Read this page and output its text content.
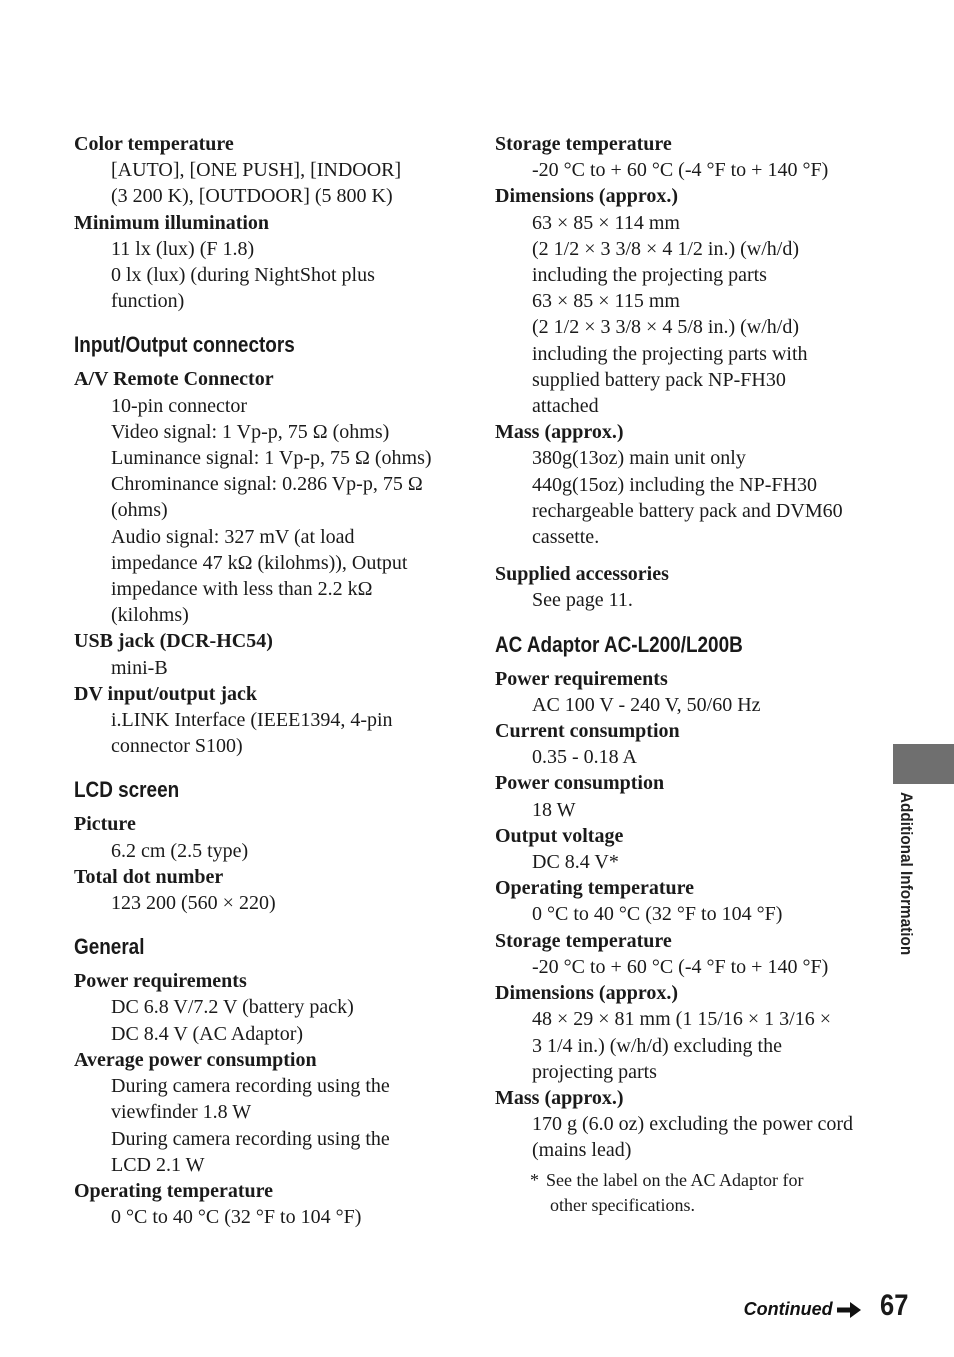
Color temperature
[AUTO], [ONE PUSH], [INDOOR]
(3 200 K), [OUTDOOR] (5 800 K)
Minimum illumination
11 lx (lux) (F 1.8)
0 lx (lux) (during NightShot plus
function)
Input/Output connectors
A/V Remote Connector
10-pin connector
Video signal: 1 Vp-p, 75 Ω (ohms)
Luminance signal: 1 Vp-p, 75 Ω (ohms)
Chrominance signal: 0.286 Vp-p, 75 Ω
(ohms)
Audio signal: 327 mV (at load
impedance 47 kΩ (kilohms)), Output
impedance with less than 2.2 kΩ
(kilohms)
USB jack (DCR-HC54)
mini-B
DV input/output jack
i.LINK Interface (IEEE1394, 4-pin
connector S100)
LCD screen
Picture
6.2 cm (2.5 type)
Total dot number
123 200 (560 × 220)
General
Power requirements
DC 6.8 V/7.2 V (battery pack)
DC 8.4 V (AC Adaptor)
Average power consumption
During camera recording using the
viewfinder 1.8 W
During camera recording using the
LCD 2.1 W
Operating temperature
0 °C to 40 °C (32 °F to 104 °F)
Storage temperature
-20 °C to + 60 °C (-4 °F to + 140 °F)
Dimensions (approx.)
63 × 85 × 114 mm
(2 1/2 × 3 3/8 × 4 1/2 in.) (w/h/d)
including the projecting parts
63 × 85 × 115 mm
(2 1/2 × 3 3/8 × 4 5/8 in.) (w/h/d)
including the projecting parts with
supplied battery pack NP-FH30
attached
Mass (approx.)
380g(13oz) main unit only
440g(15oz) including the NP-FH30
rechargeable battery pack and DVM60
cassette.
Supplied accessories
See page 11.
AC Adaptor AC-L200/L200B
Power requirements
AC 100 V - 240 V, 50/60 Hz
Current consumption
0.35 - 0.18 A
Power consumption
18 W
Output voltage
DC 8.4 V*
Operating temperature
0 °C to 40 °C (32 °F to 104 °F)
Storage temperature
-20 °C to + 60 °C (-4 °F to + 140 °F)
Dimensions (approx.)
48 × 29 × 81 mm (1 15/16 × 1 3/16 ×
3 1/4 in.) (w/h/d) excluding the
projecting parts
Mass (approx.)
170 g (6.0 oz) excluding the power cord
(mains lead)
* See the label on the AC Adaptor for
other specifications.
Additional Information
Continued 67
